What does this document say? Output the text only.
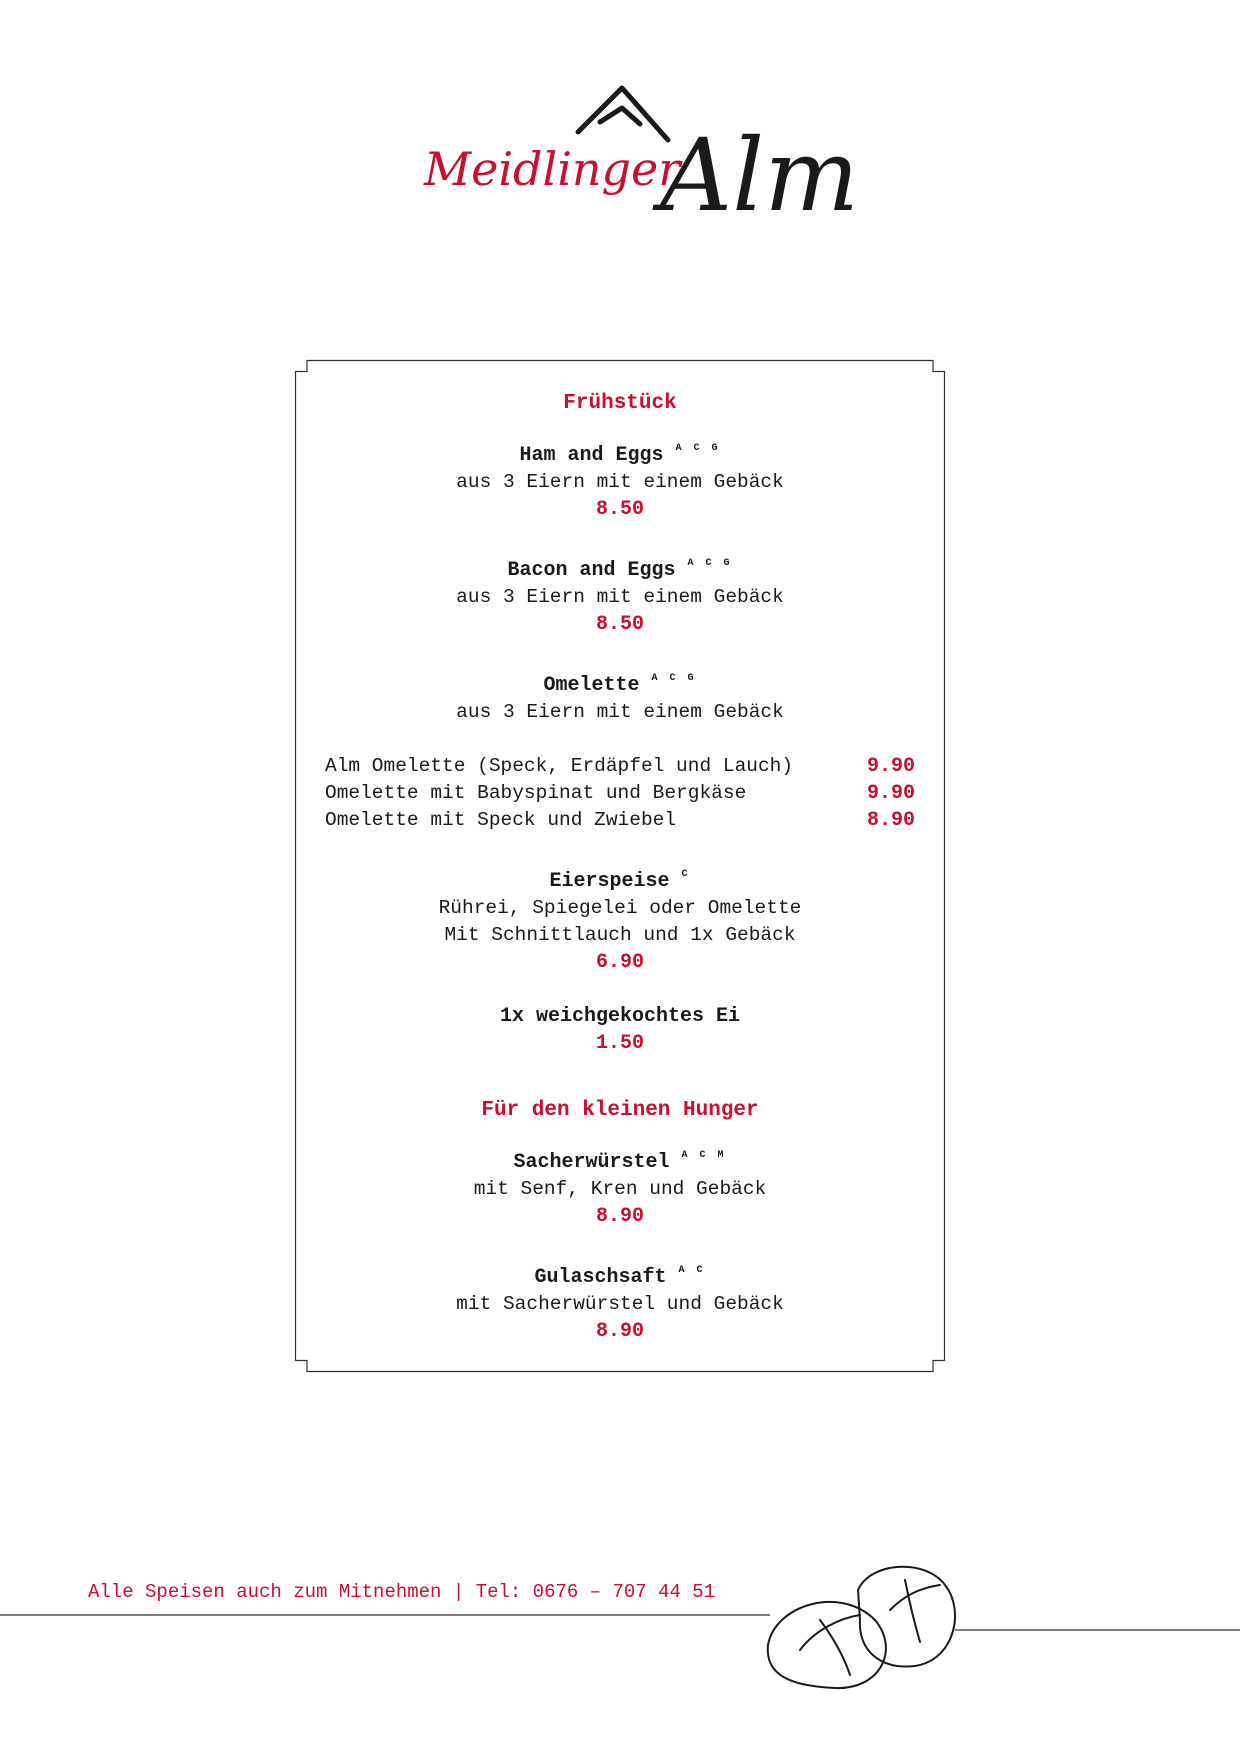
Meidlinger
Alm
Frühstück
Ham and Eggs $^{A C G}$
aus 3 Eiern mit einem Gebäck
8.50
Bacon and Eggs $^{A C G}$
aus 3 Eiern mit einem Gebäck
8.50
Omelette $^{A C G}$
aus 3 Eiern mit einem Gebäck
Alm Omelette (Speck, Erdäpfel und Lauch)	9.90
Omelette mit Babyspinat und Bergkäse	9.90
Omelette mit Speck und Zwiebel	8.90
Eierspeise $^C$
Rührei, Spiegelei oder Omelette
Mit Schnittlauch und 1x Gebäck
6.90
1x weichgekochtes Ei
1.50
Für den kleinen Hunger
Sacherwürstel $^{A C M}$
mit Senf, Kren und Gebäck
8.90
Gulaschsaft $^{A C}$
mit Sacherwürstel und Gebäck
8.90
Alle Speisen auch zum Mitnehmen | Tel: 0676 – 707 44 51
